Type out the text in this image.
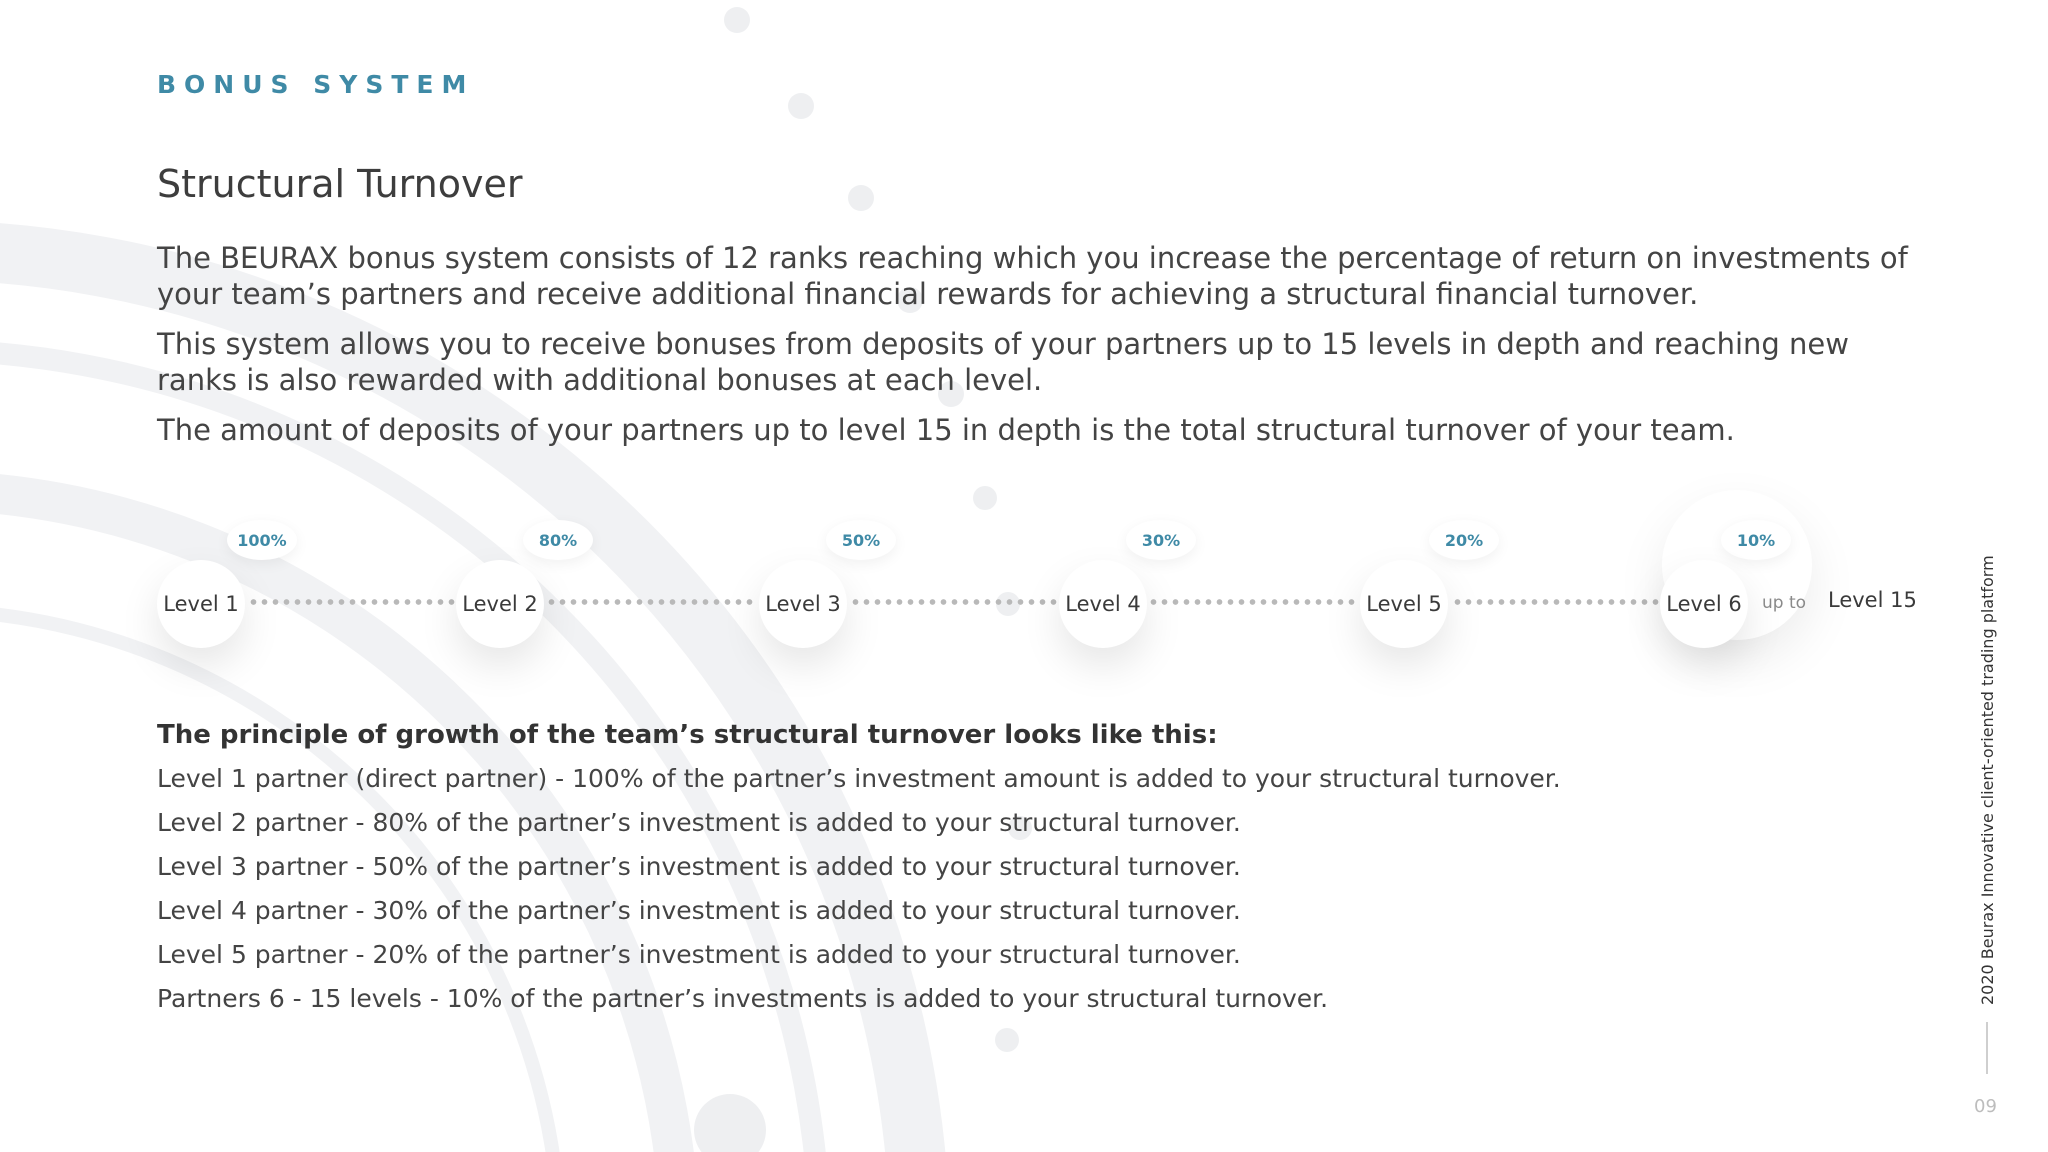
BONUS SYSTEM
Structural Turnover

The BEURAX bonus system consists of 12 ranks reaching which you increase the percentage of return on investments of your team’s partners and receive additional financial rewards for achieving a structural financial turnover.

This system allows you to receive bonuses from deposits of your partners up to 15 levels in depth and reaching new ranks is also rewarded with additional bonuses at each level.

The amount of deposits of your partners up to level 15 in depth is the total structural turnover of your team.

100%	80%	50%	30%	20%	10%
Level 1	Level 2	Level 3	Level 4	Level 5	Level 6 up to Level 15
The principle of growth of the team’s structural turnover looks like this:
Level 1 partner (direct partner) - 100% of the partner’s investment amount is added to your structural turnover.
Level 2 partner - 80% of the partner’s investment is added to your structural turnover.
Level 3 partner - 50% of the partner’s investment is added to your structural turnover.
Level 4 partner - 30% of the partner’s investment is added to your structural turnover.
Level 5 partner - 20% of the partner’s investment is added to your structural turnover.
Partners 6 - 15 levels - 10% of the partner’s investments is added to your structural turnover.	2020 Beurax Innovative client-oriented trading platform
09
